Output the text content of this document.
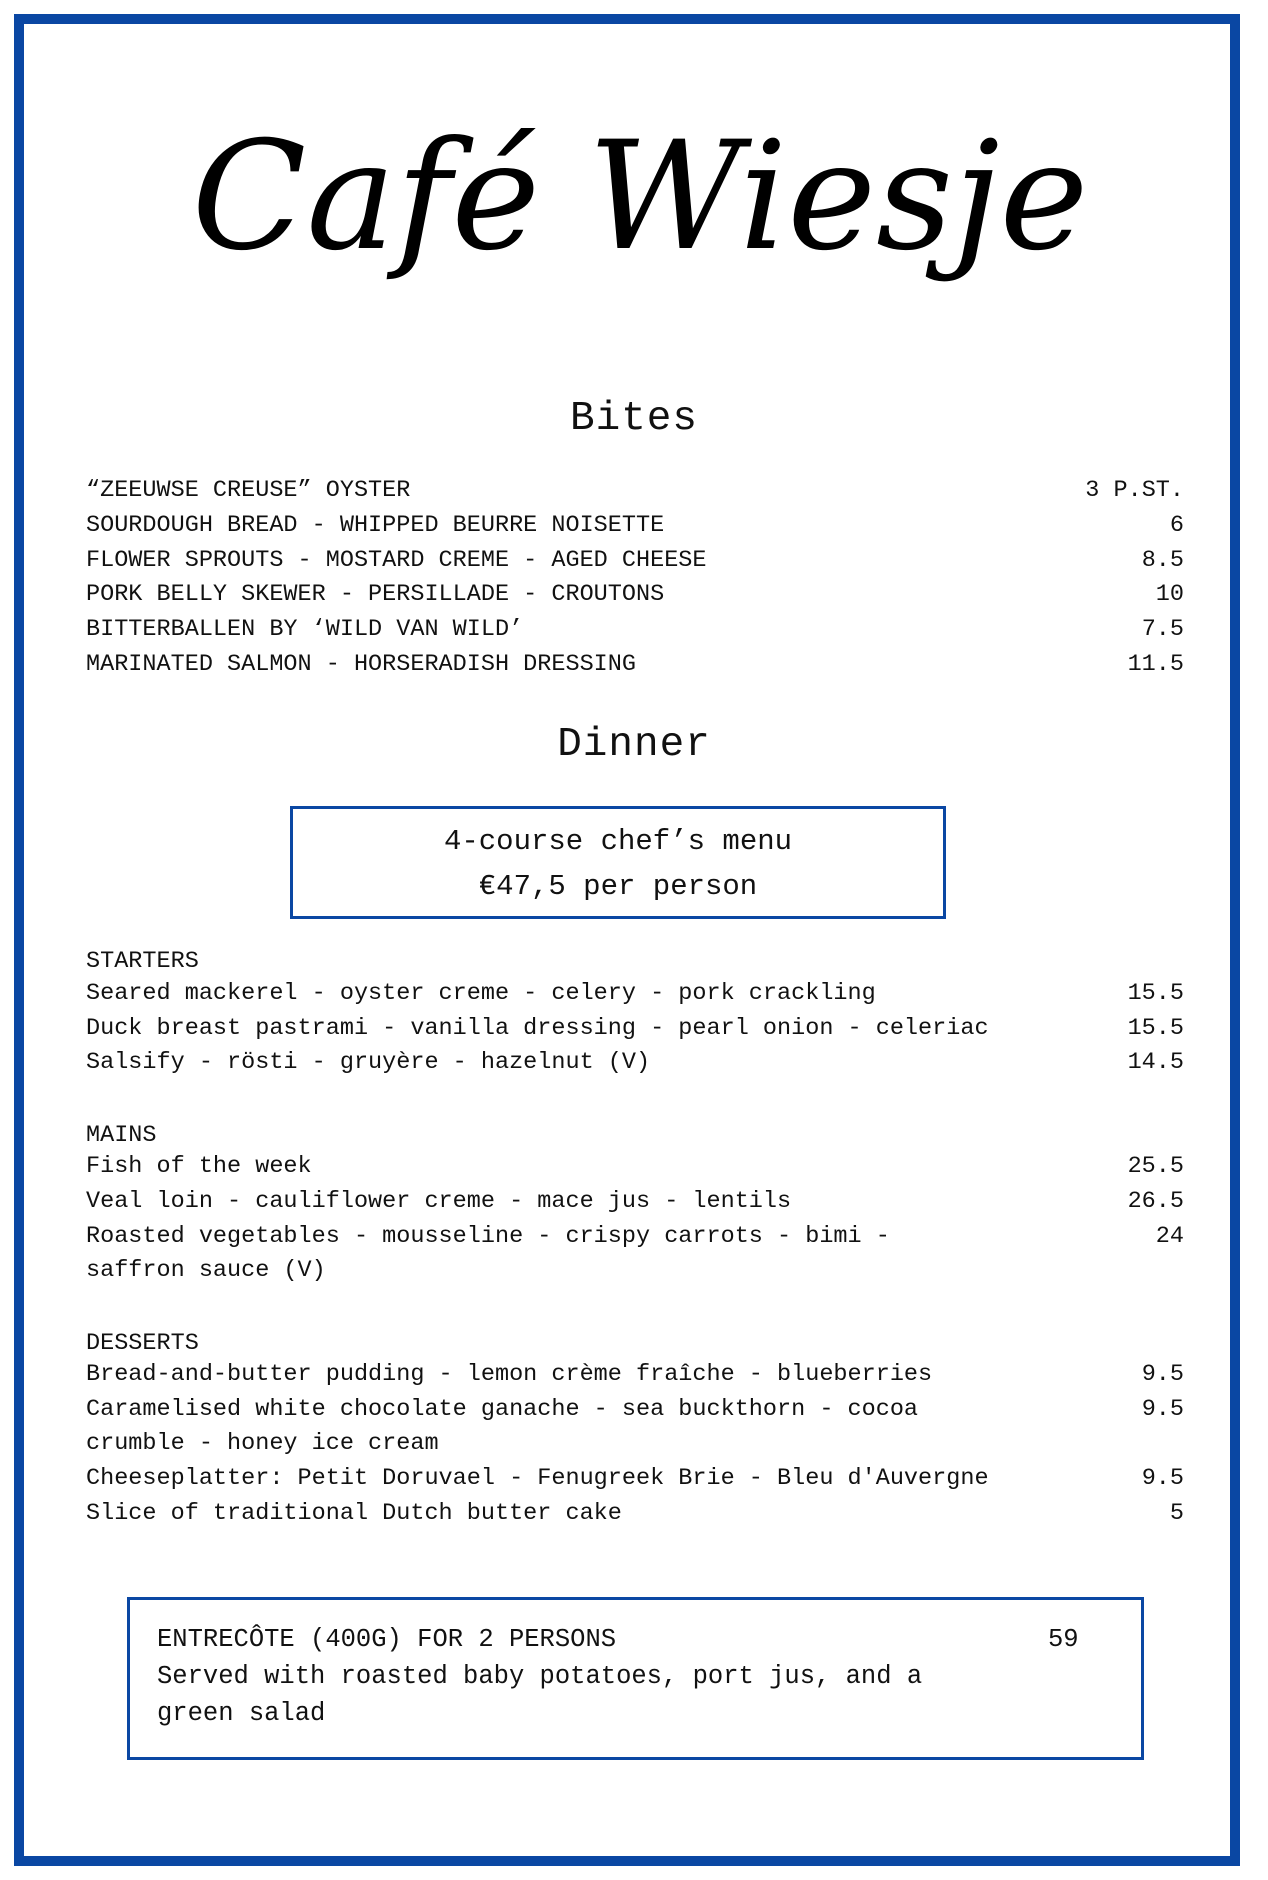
Café Wiesje
Bites
“ZEEUWSE CREUSE” OYSTER	3 P.ST.
SOURDOUGH BREAD - WHIPPED BEURRE NOISETTE	6
FLOWER SPROUTS - MOSTARD CREME - AGED CHEESE	8.5
PORK BELLY SKEWER - PERSILLADE - CROUTONS	10
BITTERBALLEN BY ‘WILD VAN WILD’	7.5
MARINATED SALMON - HORSERADISH DRESSING	11.5
Dinner
4-course chef’s menu
€47,5 per person
STARTERS
Seared mackerel - oyster creme - celery - pork crackling	15.5
Duck breast pastrami - vanilla dressing - pearl onion - celeriac	15.5
Salsify - rösti - gruyère - hazelnut (V)	14.5
MAINS
Fish of the week	25.5
Veal loin - cauliflower creme - mace jus - lentils	26.5
Roasted vegetables - mousseline - crispy carrots - bimi -	24
saffron sauce (V)
DESSERTS
Bread-and-butter pudding - lemon crème fraîche - blueberries	9.5
Caramelised white chocolate ganache - sea buckthorn - cocoa	9.5
crumble - honey ice cream
Cheeseplatter: Petit Doruvael - Fenugreek Brie - Bleu d'Auvergne	9.5
Slice of traditional Dutch butter cake	5
ENTRECÔTE (400G) FOR 2 PERSONS	59
Served with roasted baby potatoes, port jus, and a
green salad
